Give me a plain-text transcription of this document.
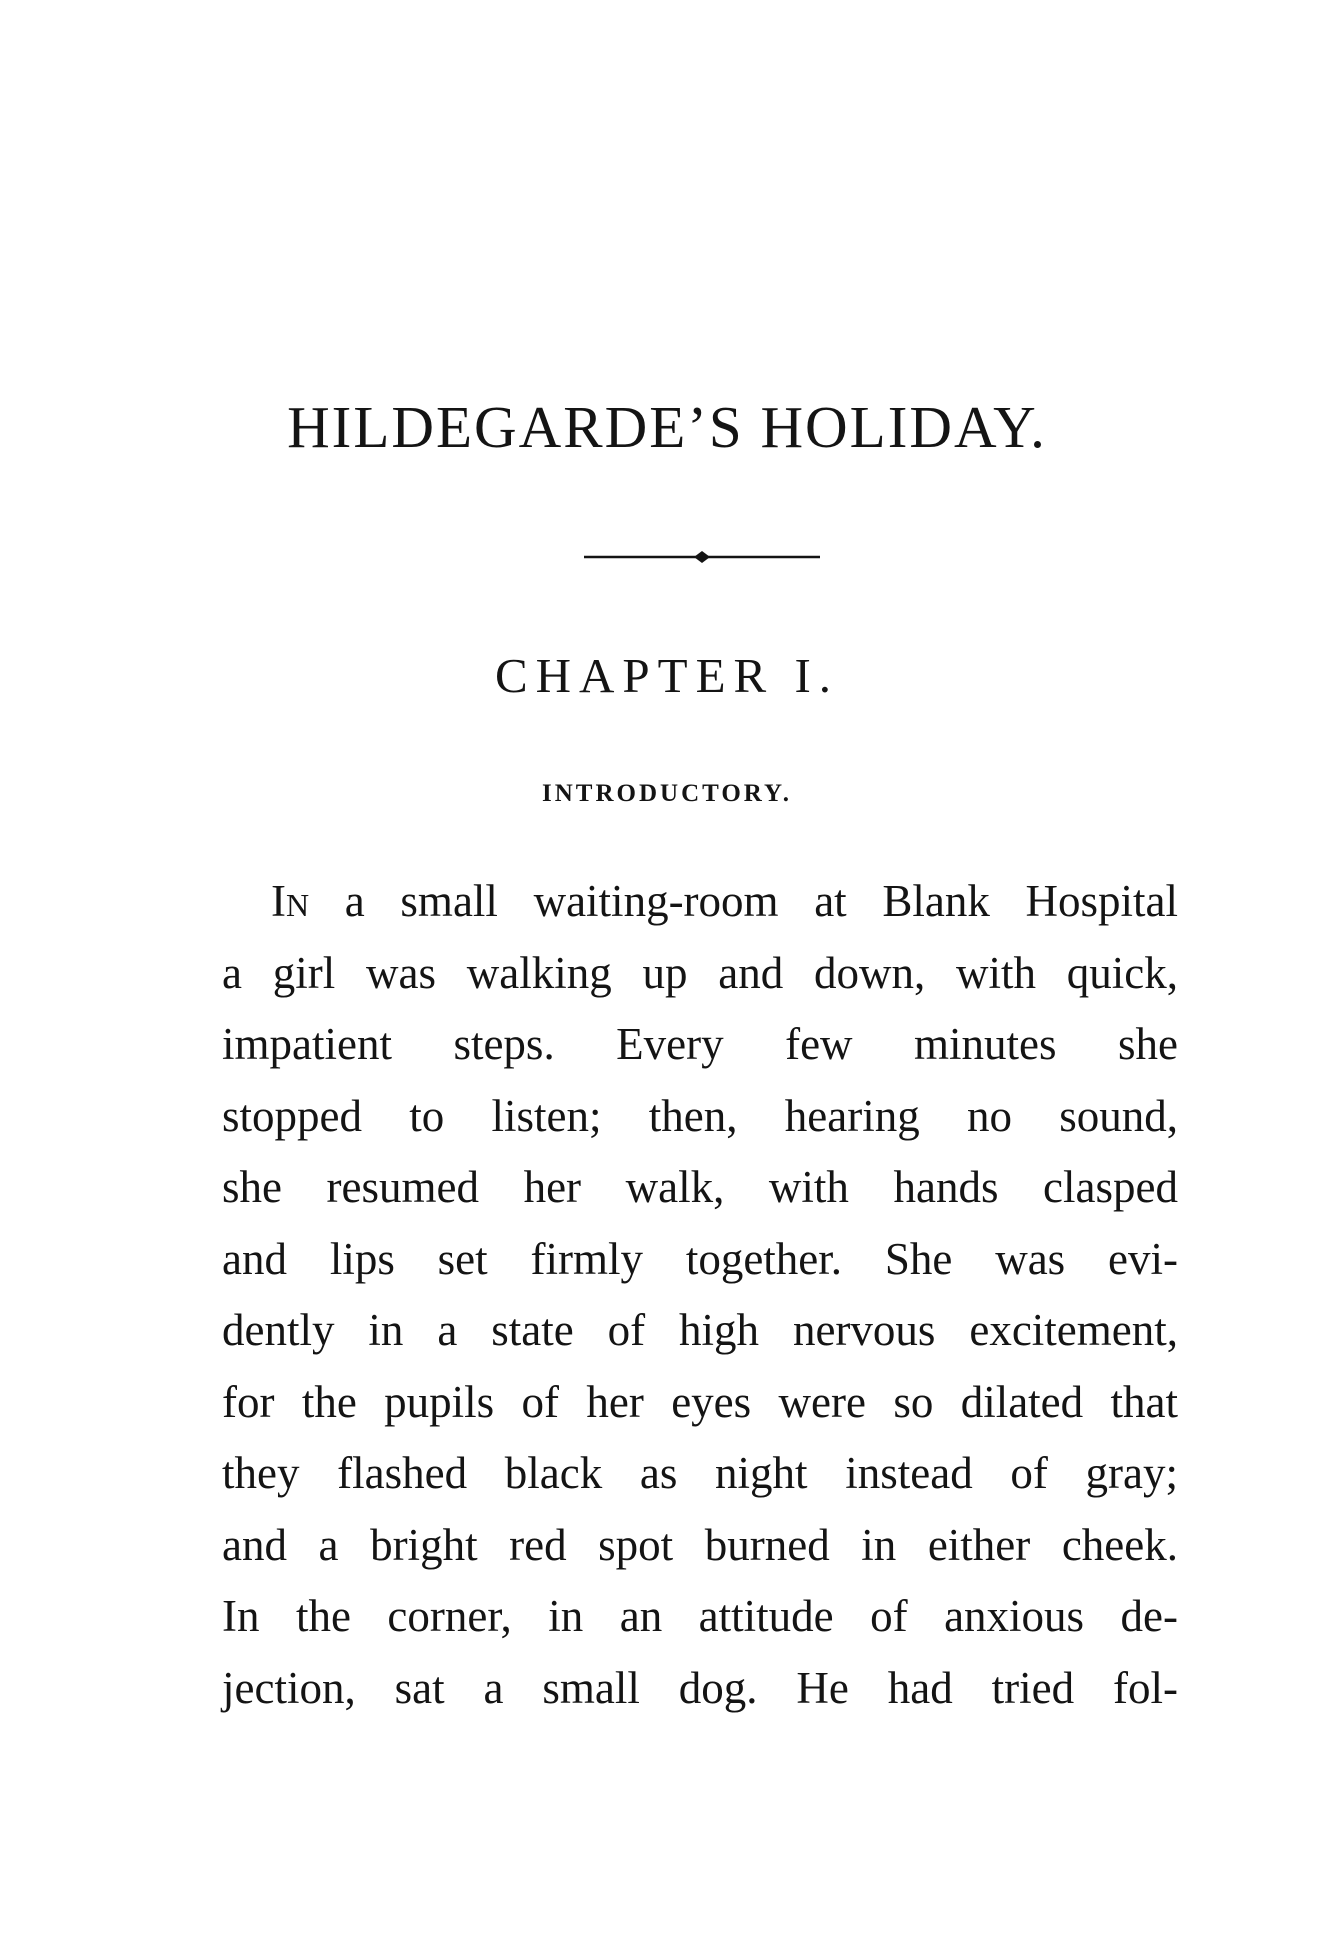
HILDEGARDE’S HOLIDAY.
CHAPTER I.
INTRODUCTORY.
In a small waiting-room at Blank Hospital
a girl was walking up and down, with quick,
impatient steps. Every few minutes she
stopped to listen; then, hearing no sound,
she resumed her walk, with hands clasped
and lips set firmly together. She was evi-
dently in a state of high nervous excitement,
for the pupils of her eyes were so dilated that
they flashed black as night instead of gray;
and a bright red spot burned in either cheek.
In the corner, in an attitude of anxious de-
jection, sat a small dog. He had tried fol-
